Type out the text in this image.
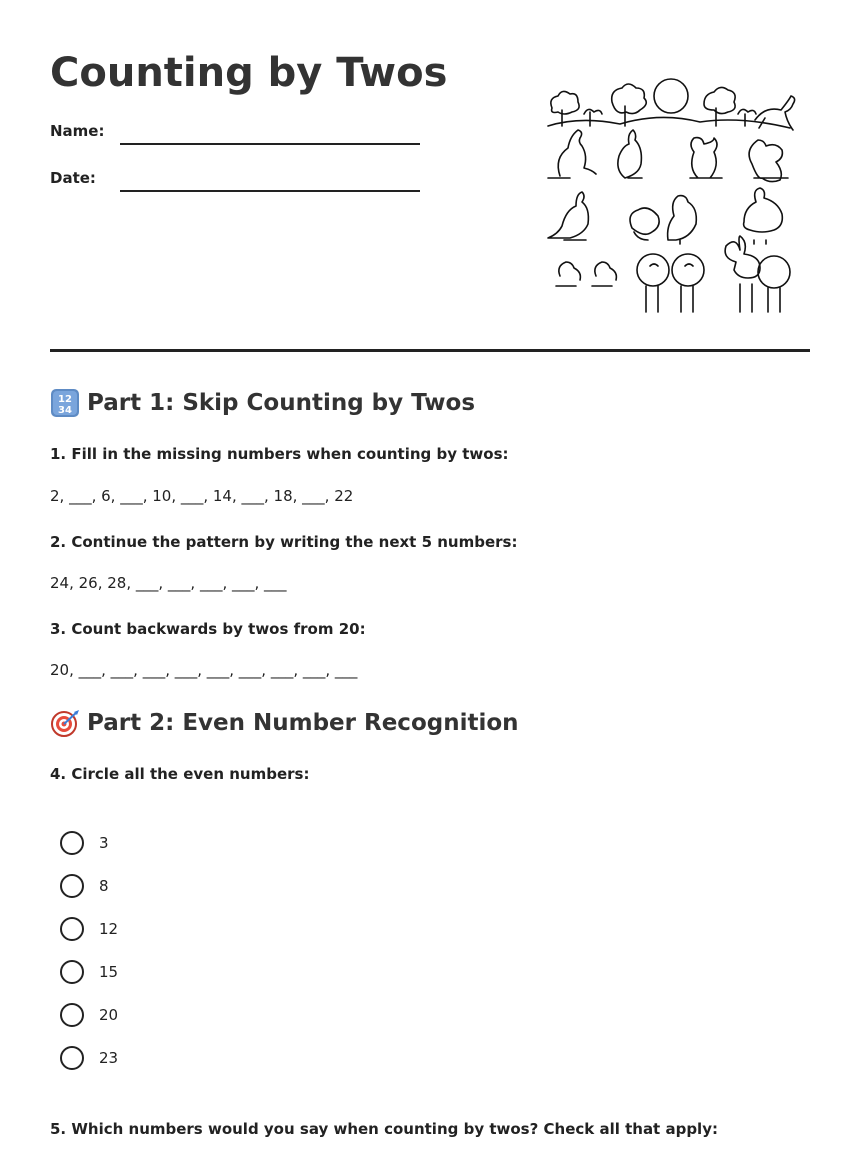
Counting by Twos
Name:
Date:
12
34 Part 1: Skip Counting by Twos
1. Fill in the missing numbers when counting by twos:
2, ___, 6, ___, 10, ___, 14, ___, 18, ___, 22
2. Continue the pattern by writing the next 5 numbers:
24, 26, 28, ___, ___, ___, ___, ___
3. Count backwards by twos from 20:
20, ___, ___, ___, ___, ___, ___, ___, ___, ___
Part 2: Even Number Recognition
4. Circle all the even numbers:
3
8
12
15
20
23
5. Which numbers would you say when counting by twos? Check all that apply:
